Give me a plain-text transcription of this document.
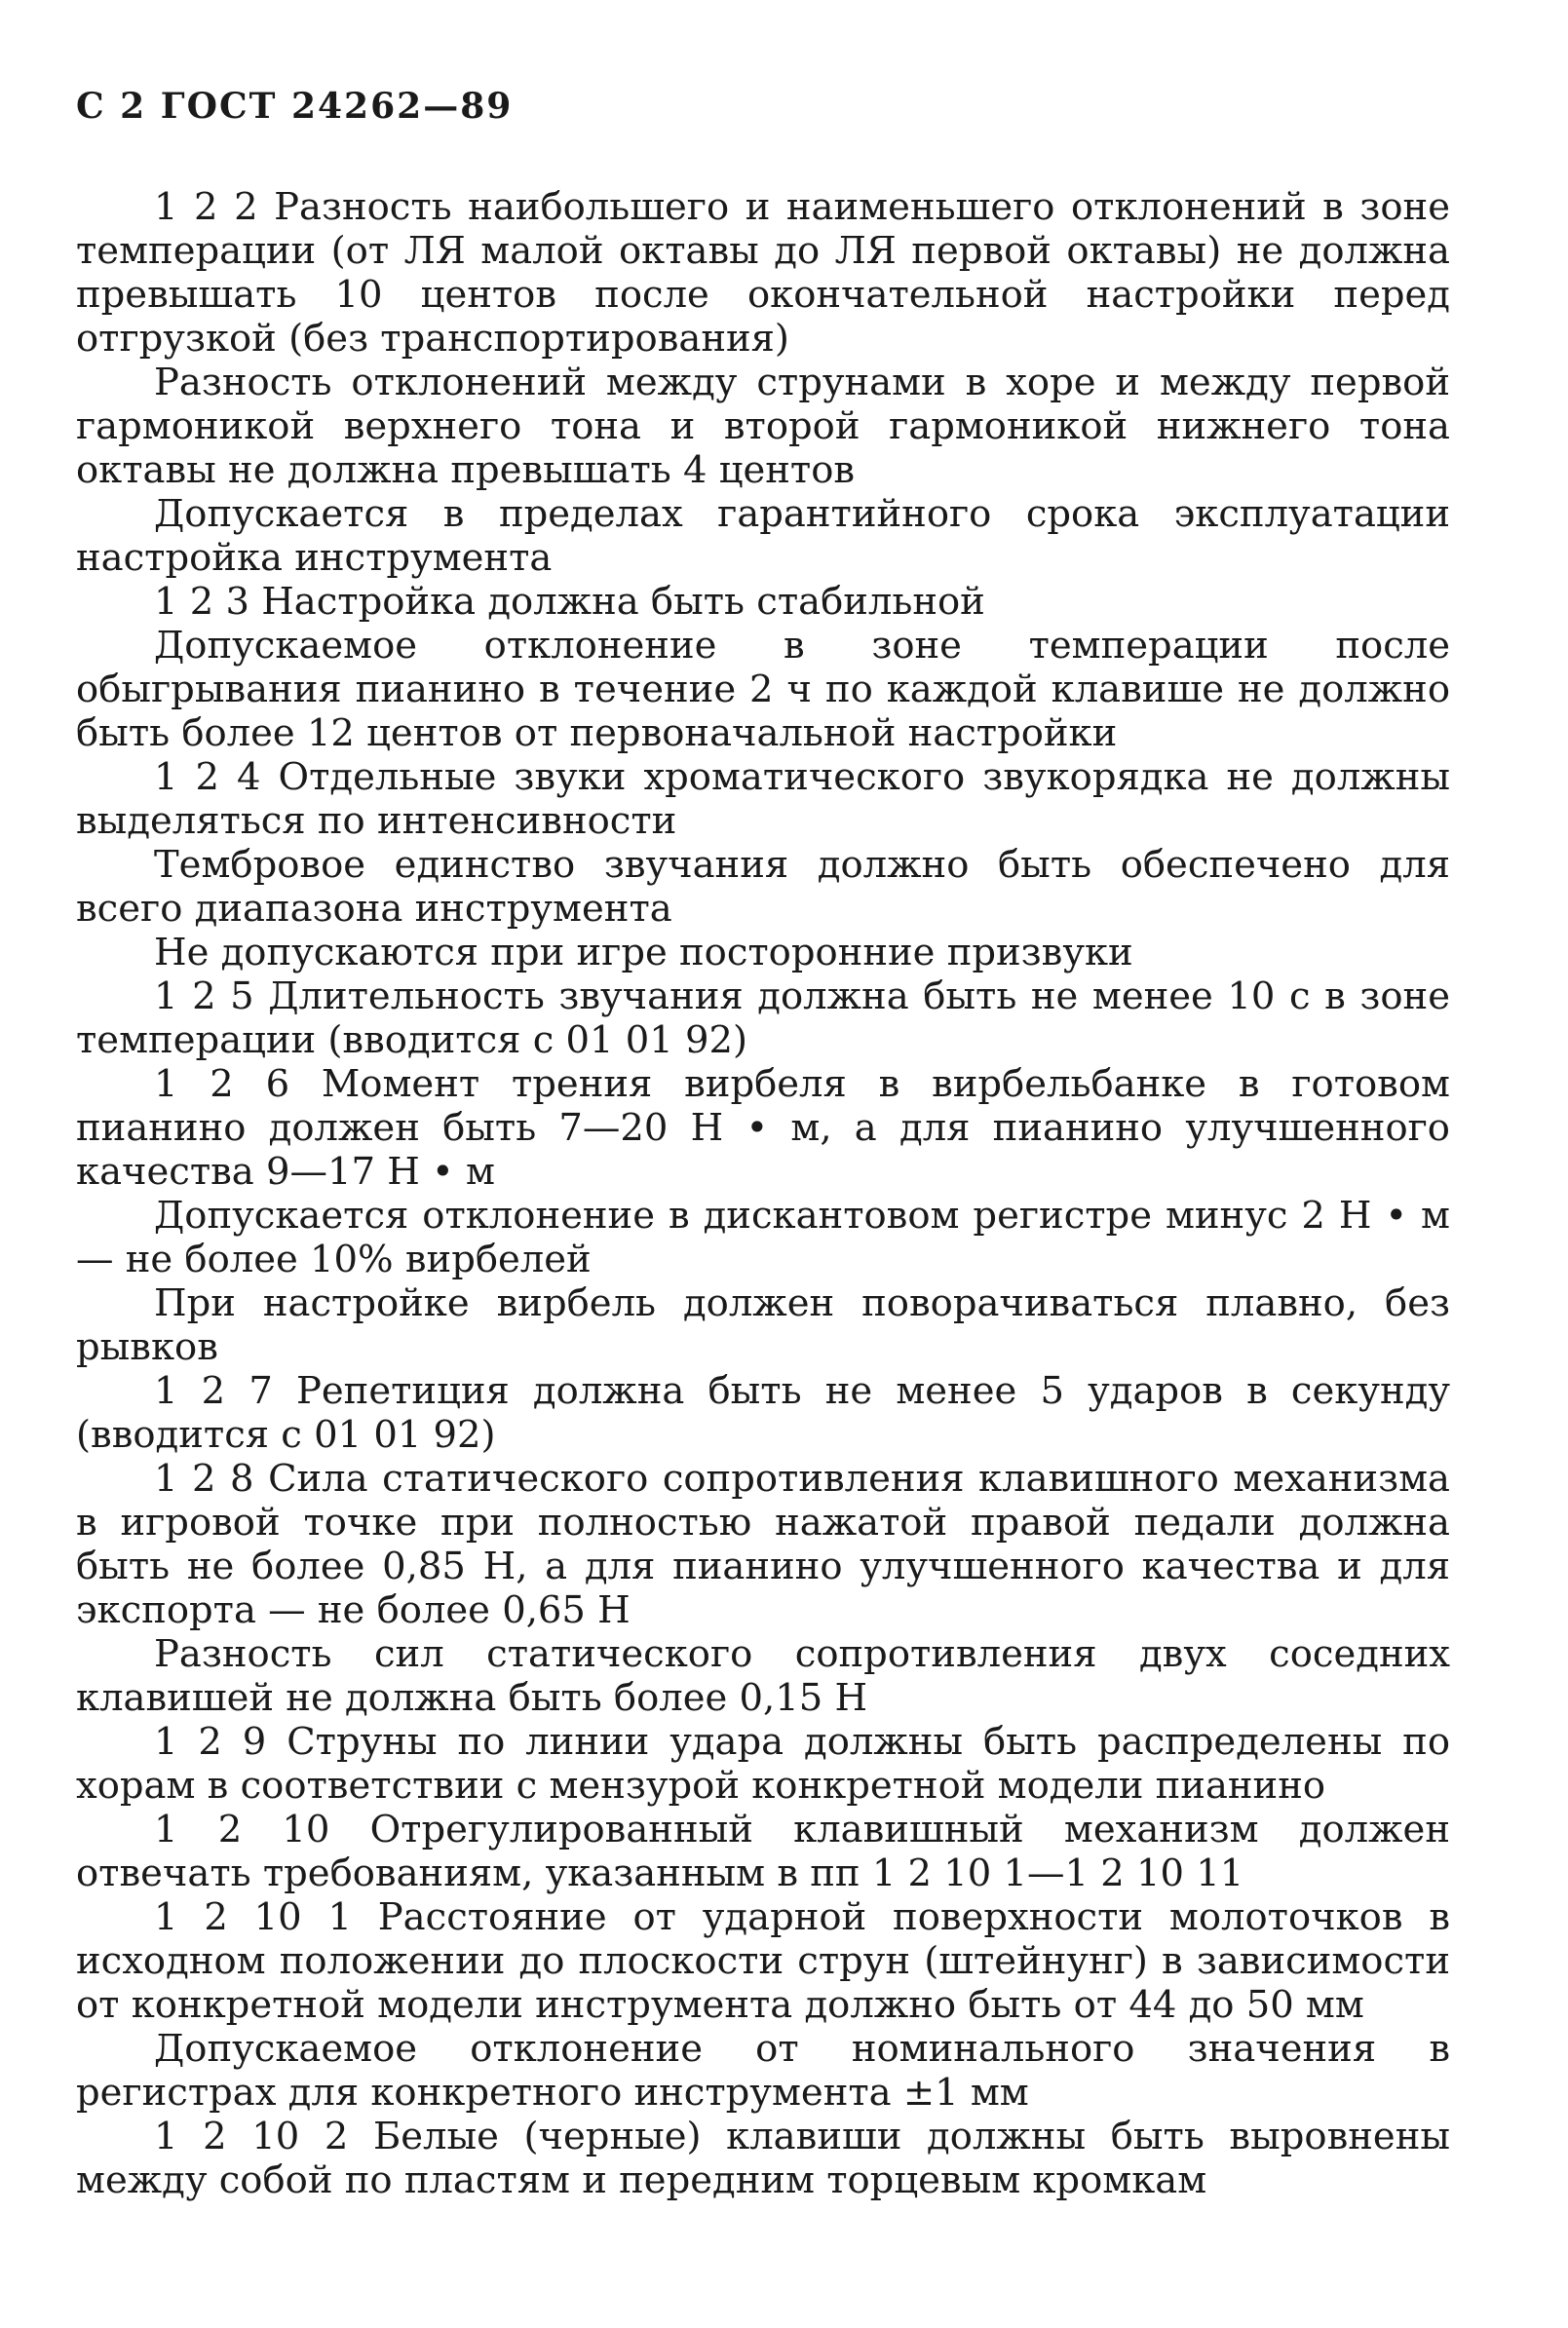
С 2 ГОСТ 24262—89

1 2 2 Разность наибольшего и наименьшего отклонений в зоне темперации (от ЛЯ малой октавы до ЛЯ первой октавы) не должна превышать 10 центов после окончательной настройки перед отгрузкой (без транспортирования)

Разность отклонений между струнами в хоре и между первой гармоникой верхнего тона и второй гармоникой нижнего тона октавы не должна превышать 4 центов

Допускается в пределах гарантийного срока эксплуатации настройка инструмента

1 2 3 Настройка должна быть стабильной

Допускаемое отклонение в зоне темперации после обыгрывания пианино в течение 2 ч по каждой клавише не должно быть более 12 центов от первоначальной настройки

1 2 4 Отдельные звуки хроматического звукорядка не должны выделяться по интенсивности

Тембровое единство звучания должно быть обеспечено для всего диапазона инструмента

Не допускаются при игре посторонние призвуки

1 2 5 Длительность звучания должна быть не менее 10 с в зоне темперации (вводится с 01 01 92)

1 2 6 Момент трения вирбеля в вирбельбанке в готовом пианино должен быть 7—20 Н • м, а для пианино улучшенного качества 9—17 Н • м

Допускается отклонение в дискантовом регистре минус 2 Н • м — не более 10% вирбелей

При настройке вирбель должен поворачиваться плавно, без рывков

1 2 7 Репетиция должна быть не менее 5 ударов в секунду (вводится с 01 01 92)

1 2 8 Сила статического сопротивления клавишного механизма в игровой точке при полностью нажатой правой педали должна быть не более 0,85 Н, а для пианино улучшенного качества и для экспорта — не более 0,65 Н

Разность сил статического сопротивления двух соседних клавишей не должна быть более 0,15 Н

1 2 9 Струны по линии удара должны быть распределены по хорам в соответствии с мензурой конкретной модели пианино

1 2 10 Отрегулированный клавишный механизм должен отвечать требованиям, указанным в пп 1 2 10 1—1 2 10 11

1 2 10 1 Расстояние от ударной поверхности молоточков в исходном положении до плоскости струн (штейнунг) в зависимости от конкретной модели инструмента должно быть от 44 до 50 мм

Допускаемое отклонение от номинального значения в регистрах для конкретного инструмента ±1 мм

1 2 10 2 Белые (черные) клавиши должны быть выровнены между собой по пластям и передним торцевым кромкам
